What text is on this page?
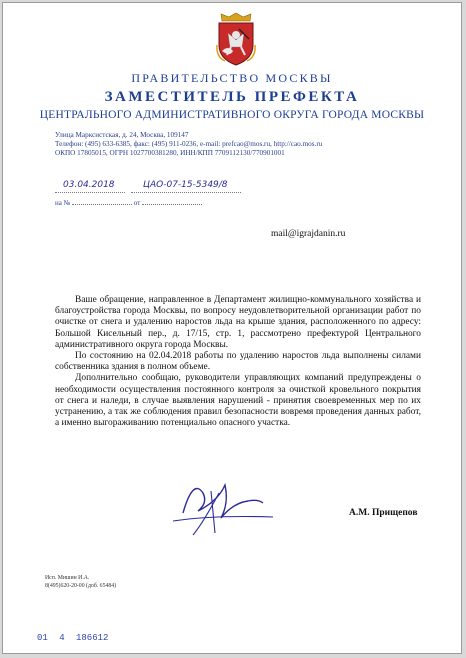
ПРАВИТЕЛЬСТВО МОСКВЫ
ЗАМЕСТИТЕЛЬ ПРЕФЕКТА
ЦЕНТРАЛЬНОГО АДМИНИСТРАТИВНОГО ОКРУГА ГОРОДА МОСКВЫ
Улица Марксистская, д. 24, Москва, 109147
Телефон: (495) 633-6385, факс: (495) 911-0236, e-mail: prefcao@mos.ru, http://cao.mos.ru
ОКПО 17805015, ОГРН 1027700381280, ИНН/КПП 7709112130/770901001
03.04.2018	ЦАО-07-15-5349/8
на №	от
mail@igrajdanin.ru

Ваше обращение, направленное в Департамент жилищно-коммунального хозяйства и благоустройства города Москвы, по вопросу неудовлетворительной организации работ по очистке от снега и удалению наростов льда на крыше здания, расположенного по адресу: Большой Кисельный пер., д. 17/15, стр. 1, рассмотрено префектурой Центрального административного округа города Москвы.

По состоянию на 02.04.2018 работы по удалению наростов льда выполнены силами собственника здания в полном объеме.

Дополнительно сообщаю, руководители управляющих компаний предупреждены о необходимости осуществления постоянного контроля за очисткой кровельного покрытия от снега и наледи, в случае выявления нарушений - принятия своевременных мер по их устранению, а так же соблюдения правил безопасности вовремя проведения данных работ, а именно выгораживанию потенциально опасного участка.

А.М. Прищепов
Исп. Мишин И.А.
8(495)620-20-00 (доб. 65484)
01 4 186612
